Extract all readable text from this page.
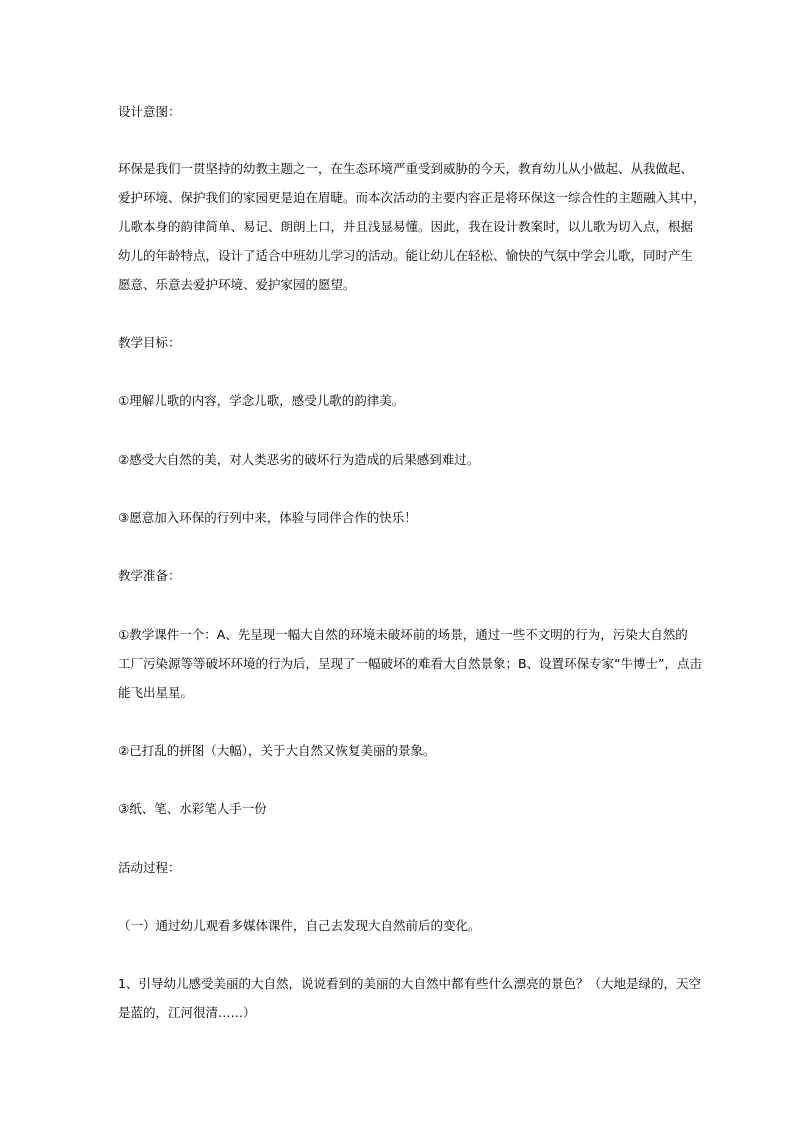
设计意图：
环保是我们一贯坚持的幼教主题之一，在生态环境严重受到威胁的今天，教育幼儿从小做起、从我做起、
爱护环境、保护我们的家园更是迫在眉睫。而本次活动的主要内容正是将环保这一综合性的主题融入其中，
儿歌本身的韵律简单、易记、朗朗上口，并且浅显易懂。因此，我在设计教案时，以儿歌为切入点，根据
幼儿的年龄特点，设计了适合中班幼儿学习的活动。能让幼儿在轻松、愉快的气氛中学会儿歌，同时产生
愿意、乐意去爱护环境、爱护家园的愿望。
教学目标：
①理解儿歌的内容，学念儿歌，感受儿歌的韵律美。
②感受大自然的美，对人类恶劣的破坏行为造成的后果感到难过。
③愿意加入环保的行列中来，体验与同伴合作的快乐！
教学准备：
①教学课件一个：A、先呈现一幅大自然的环境未破坏前的场景，通过一些不文明的行为，污染大自然的
工厂污染源等等破坏环境的行为后，呈现了一幅破坏的难看大自然景象；B、设置环保专家“牛博士”，点击
能飞出星星。
②已打乱的拼图（大幅），关于大自然又恢复美丽的景象。
③纸、笔、水彩笔人手一份
活动过程：
（一）通过幼儿观看多媒体课件，自己去发现大自然前后的变化。
1、引导幼儿感受美丽的大自然，说说看到的美丽的大自然中都有些什么漂亮的景色？（大地是绿的，天空
是蓝的，江河很清……）
